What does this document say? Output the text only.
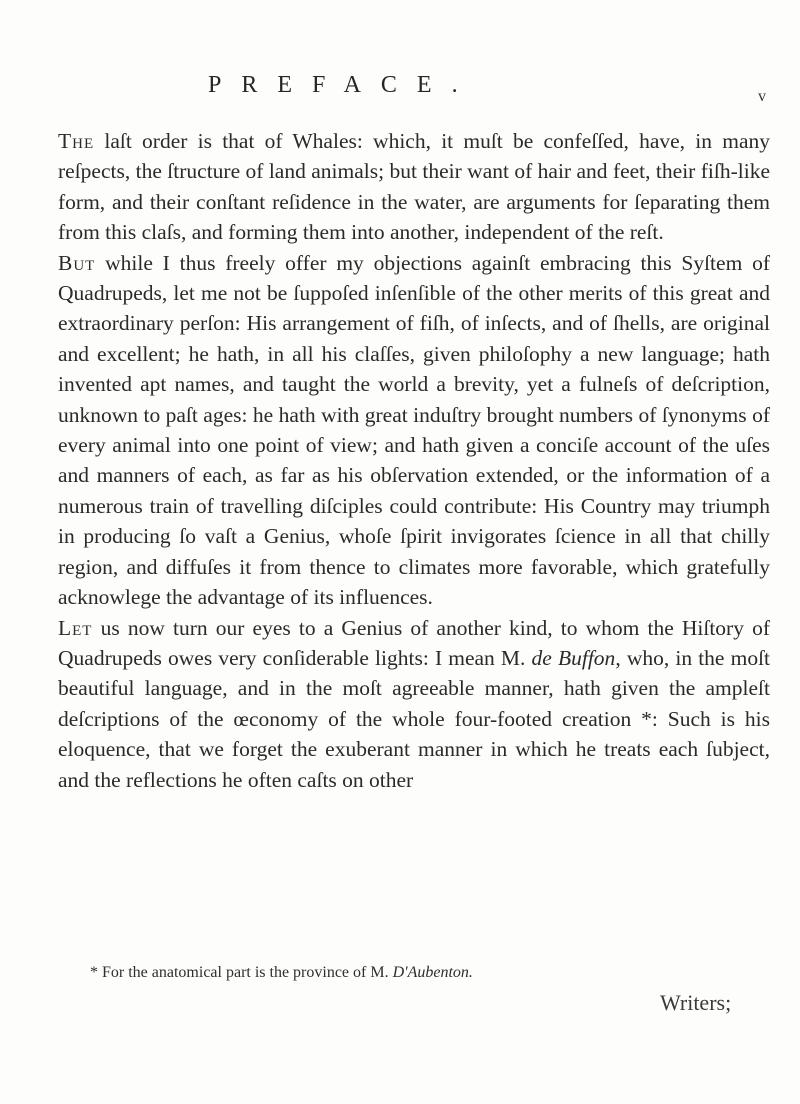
PREFACE.	v

The laſt order is that of Whales: which, it muſt be confeſſed, have, in many reſpects, the ſtructure of land animals; but their want of hair and feet, their fiſh-like form, and their conſtant reſidence in the water, are arguments for ſeparating them from this claſs, and forming them into another, independent of the reſt.

But while I thus freely offer my objections againſt embracing this Syſtem of Quadrupeds, let me not be ſuppoſed inſenſible of the other merits of this great and extraordinary perſon: His arrangement of fiſh, of inſects, and of ſhells, are original and excellent; he hath, in all his claſſes, given philoſophy a new language; hath invented apt names, and taught the world a brevity, yet a fulneſs of deſcription, unknown to paſt ages: he hath with great induſtry brought numbers of ſynonyms of every animal into one point of view; and hath given a conciſe account of the uſes and manners of each, as far as his obſervation extended, or the information of a numerous train of travelling diſciples could contribute: His Country may triumph in producing ſo vaſt a Genius, whoſe ſpirit invigorates ſcience in all that chilly region, and diffuſes it from thence to climates more favorable, which gratefully acknowlege the advantage of its influences.

Let us now turn our eyes to a Genius of another kind, to whom the Hiſtory of Quadrupeds owes very conſiderable lights: I mean M. de Buffon, who, in the moſt beautiful language, and in the moſt agreeable manner, hath given the ampleſt deſcriptions of the œconomy of the whole four-footed creation *: Such is his eloquence, that we forget the exuberant manner in which he treats each ſubject, and the reflections he often caſts on other

* For the anatomical part is the province of M. D'Aubenton.
Writers;
